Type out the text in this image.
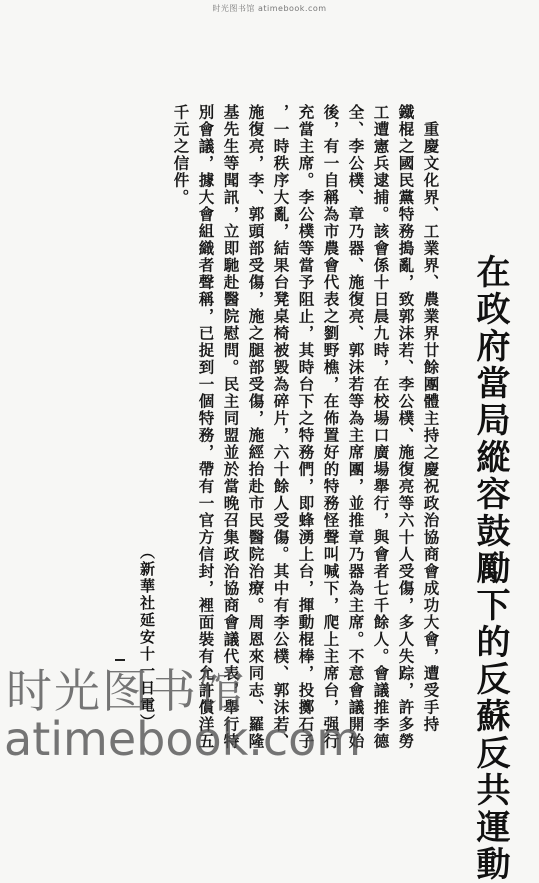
时光图书馆 atimebook.com
在政府當局縱容鼓勵下的反蘇反共運動
　重慶文化界、工業界、農業界廿餘團體主持之慶祝政治協商會成功大會，遭受手持
鐵棍之國民黨特務搗亂，致郭沫若、李公樸、施復亮等六十人受傷，多人失踪，許多勞
工遭憲兵逮捕。該會係十日晨九時，在校場口廣場舉行，與會者七千餘人。會議推李德
全、李公樸、章乃器、施復亮、郭沫若等為主席團，並推章乃器為主席。不意會議開始
後，有一自稱為市農會代表之劉野樵，在佈置好的特務怪聲叫喊下，爬上主席台，强行
充當主席。李公樸等當予阻止，其時台下之特務們，即蜂湧上台，揮動棍棒，投擲石子
，一時秩序大亂，結果台凳桌椅被毀為碎片，六十餘人受傷。其中有李公樸、郭沫若、
施復亮，李、郭頭部受傷，施之腿部受傷，施經抬赴市民醫院治療。周恩來同志、羅隆
基先生等聞訊，立即馳赴醫院慰問。民主同盟並於當晚召集政治協商會議代表，舉行特
別會議，據大會組織者聲稱，已捉到一個特務，帶有一官方信封，裡面裝有允許償洋五
千元之信件。
（新華社延安十一日電）
时光图书馆
atimebook.com
